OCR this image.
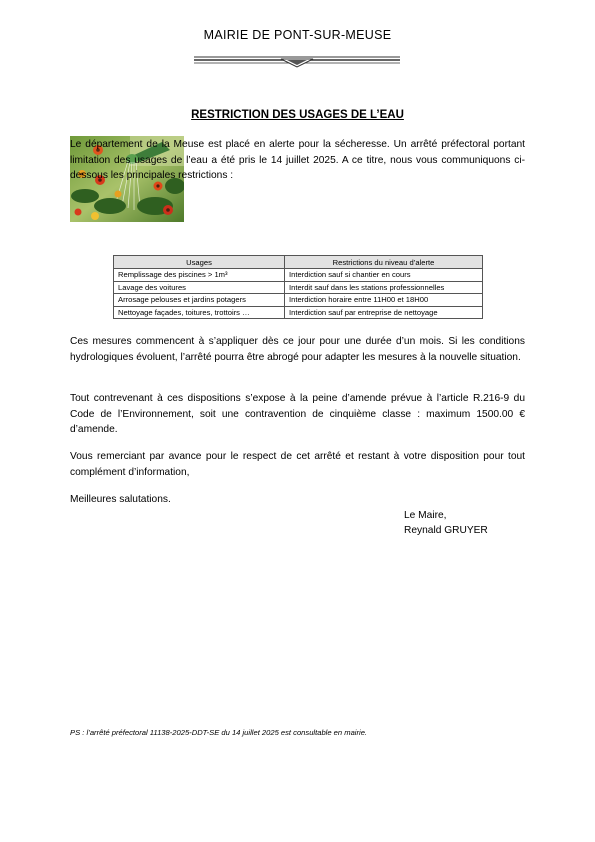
MAIRIE DE PONT-SUR-MEUSE
RESTRICTION DES USAGES DE L’EAU

Le département de la Meuse est placé en alerte pour la sécheresse. Un arrêté préfectoral portant limitation des usages de l’eau a été pris le 14 juillet 2025. A ce titre, nous vous communiquons ci-dessous les principales restrictions :

Usages	Restrictions du niveau d’alerte
Remplissage des piscines > 1m³	Interdiction sauf si chantier en cours
Lavage des voitures	Interdit sauf dans les stations professionnelles
Arrosage pelouses et jardins potagers	Interdiction horaire entre 11H00 et 18H00
Nettoyage façades, toitures, trottoirs …	Interdiction sauf par entreprise de nettoyage

Ces mesures commencent à s’appliquer dès ce jour pour une durée d’un mois. Si les conditions hydrologiques évoluent, l’arrêté pourra être abrogé pour adapter les mesures à la nouvelle situation.

Tout contrevenant à ces dispositions s’expose à la peine d’amende prévue à l’article R.216-9 du Code de l’Environnement, soit une contravention de cinquième classe : maximum 1500.00 € d’amende.

Vous remerciant par avance pour le respect de cet arrêté et restant à votre disposition pour tout complément d’information,

Meilleures salutations.

Le Maire,
Reynald GRUYER
PS : l’arrêté préfectoral 11138-2025-DDT-SE du 14 juillet 2025 est consultable en mairie.
